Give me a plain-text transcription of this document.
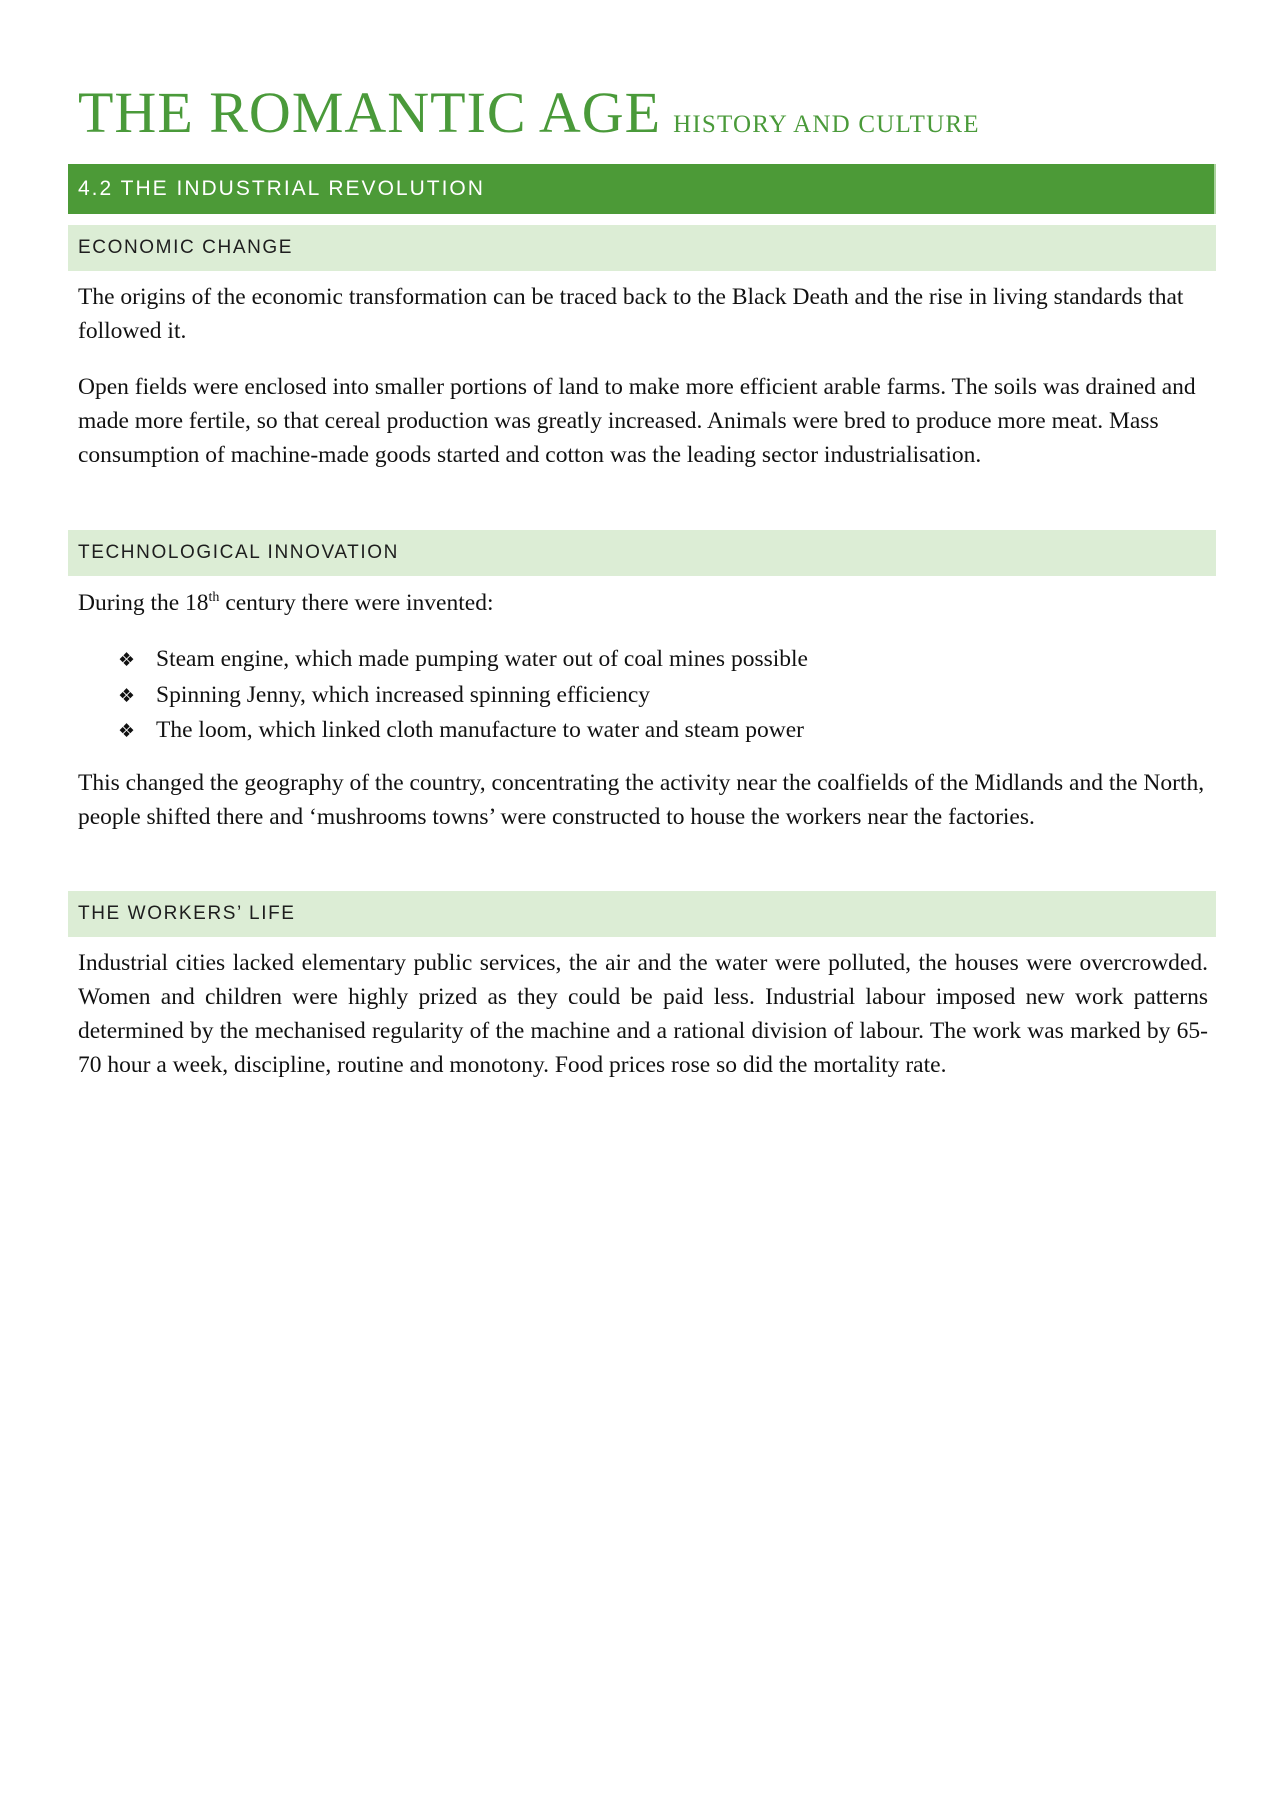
THE ROMANTIC AGE HISTORY AND CULTURE
4.2 THE INDUSTRIAL REVOLUTION
ECONOMIC CHANGE

The origins of the economic transformation can be traced back to the Black Death and the rise in living standards that followed it.

Open fields were enclosed into smaller portions of land to make more efficient arable farms. The soils was drained and made more fertile, so that cereal production was greatly increased. Animals were bred to produce more meat. Mass consumption of machine-made goods started and cotton was the leading sector industrialisation.

TECHNOLOGICAL INNOVATION

During the 18th century there were invented:

❖ Steam engine, which made pumping water out of coal mines possible
❖ Spinning Jenny, which increased spinning efficiency
❖ The loom, which linked cloth manufacture to water and steam power

This changed the geography of the country, concentrating the activity near the coalfields of the Midlands and the North, people shifted there and ‘mushrooms towns’ were constructed to house the workers near the factories.

THE WORKERS’ LIFE

Industrial cities lacked elementary public services, the air and the water were polluted, the houses were overcrowded. Women and children were highly prized as they could be paid less. Industrial labour imposed new work patterns determined by the mechanised regularity of the machine and a rational division of labour. The work was marked by 65-70 hour a week, discipline, routine and monotony. Food prices rose so did the mortality rate.
